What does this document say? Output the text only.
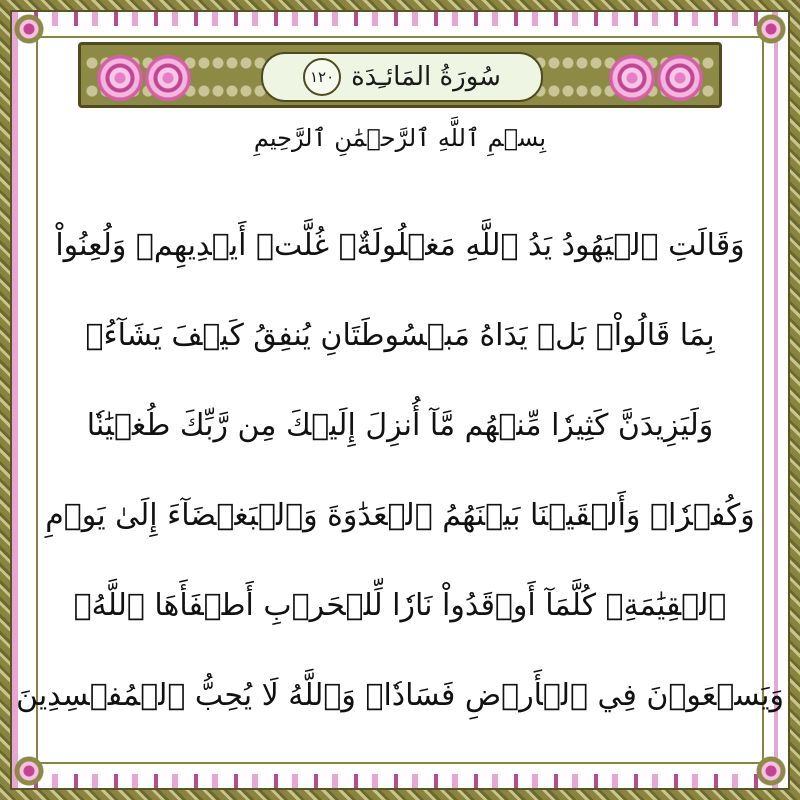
سُورَةُ المَائـِدَة
١٢٠
بِسۡمِ ٱللَّهِ ٱلرَّحۡمَٰنِ ٱلرَّحِيمِ
وَقَالَتِ ٱلۡيَهُودُ يَدُ ٱللَّهِ مَغۡلُولَةٌۚ غُلَّتۡ أَيۡدِيهِمۡ وَلُعِنُواْ
بِمَا قَالُواْۘ بَلۡ يَدَاهُ مَبۡسُوطَتَانِ يُنفِقُ كَيۡفَ يَشَآءُۚ
وَلَيَزِيدَنَّ كَثِيرٗا مِّنۡهُم مَّآ أُنزِلَ إِلَيۡكَ مِن رَّبِّكَ طُغۡيَٰنٗا
وَكُفۡرٗاۚ وَأَلۡقَيۡنَا بَيۡنَهُمُ ٱلۡعَدَٰوَةَ وَٱلۡبَغۡضَآءَ إِلَىٰ يَوۡمِ
ٱلۡقِيَٰمَةِۚ كُلَّمَآ أَوۡقَدُواْ نَارٗا لِّلۡحَرۡبِ أَطۡفَأَهَا ٱللَّهُۚ
وَيَسۡعَوۡنَ فِي ٱلۡأَرۡضِ فَسَادٗاۚ وَٱللَّهُ لَا يُحِبُّ ٱلۡمُفۡسِدِينَ
